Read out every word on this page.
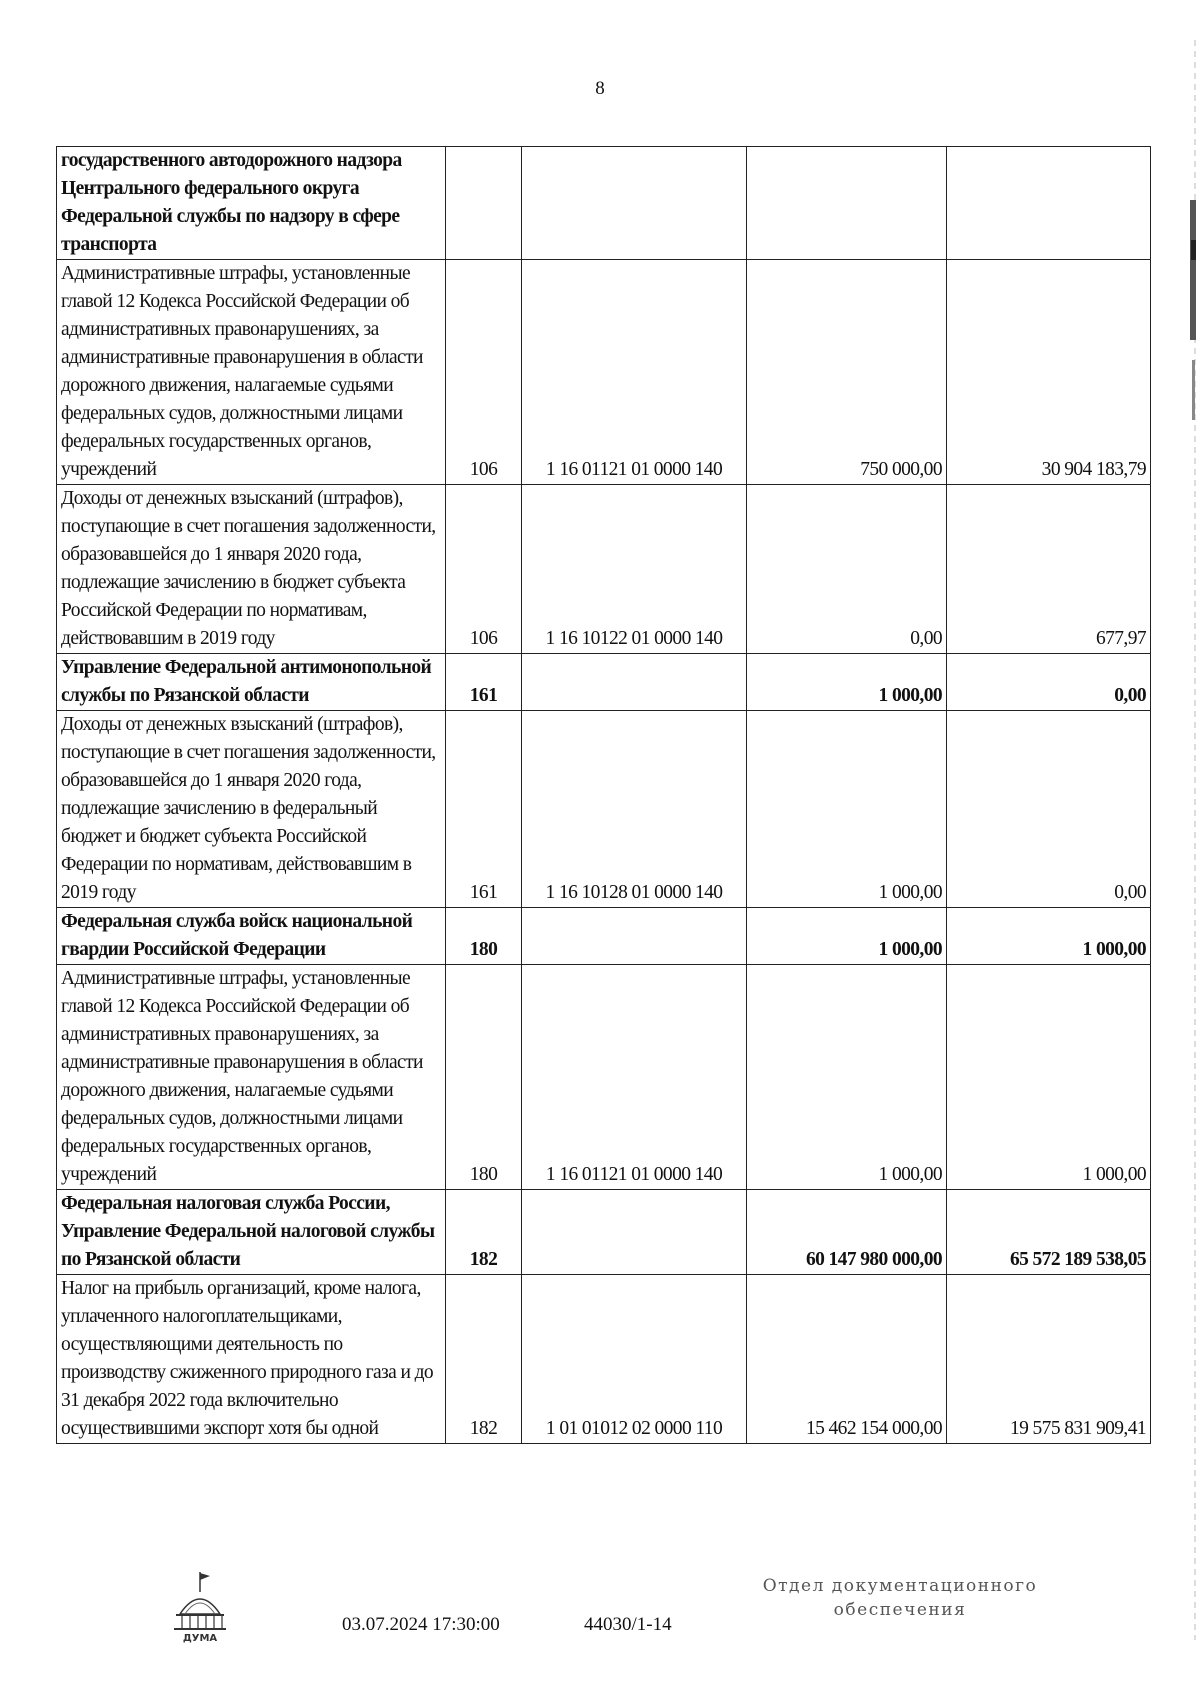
8
государственного автодорожного надзора Центрального федерального округа Федеральной службы по надзору в сфере транспорта				
Административные штрафы, установленные главой 12 Кодекса Российской Федерации об административных правонарушениях, за административные правонарушения в области дорожного движения, налагаемые судьями федеральных судов, должностными лицами федеральных государственных органов, учреждений	106	1 16 01121 01 0000 140	750 000,00	30 904 183,79
Доходы от денежных взысканий (штрафов), поступающие в счет погашения задолженности, образовавшейся до 1 января 2020 года, подлежащие зачислению в бюджет субъекта Российской Федерации по нормативам, действовавшим в 2019 году	106	1 16 10122 01 0000 140	0,00	677,97
Управление Федеральной антимонопольной службы по Рязанской области	161		1 000,00	0,00
Доходы от денежных взысканий (штрафов), поступающие в счет погашения задолженности, образовавшейся до 1 января 2020 года, подлежащие зачислению в федеральный бюджет и бюджет субъекта Российской Федерации по нормативам, действовавшим в 2019 году	161	1 16 10128 01 0000 140	1 000,00	0,00
Федеральная служба войск национальной гвардии Российской Федерации	180		1 000,00	1 000,00
Административные штрафы, установленные главой 12 Кодекса Российской Федерации об административных правонарушениях, за административные правонарушения в области дорожного движения, налагаемые судьями федеральных судов, должностными лицами федеральных государственных органов, учреждений	180	1 16 01121 01 0000 140	1 000,00	1 000,00
Федеральная налоговая служба России, Управление Федеральной налоговой службы по Рязанской области	182		60 147 980 000,00	65 572 189 538,05
Налог на прибыль организаций, кроме налога, уплаченного налогоплательщиками, осуществляющими деятельность по производству сжиженного природного газа и до 31 декабря 2022 года включительно осуществившими экспорт хотя бы одной	182	1 01 01012 02 0000 110	15 462 154 000,00	19 575 831 909,41
ДУМА
03.07.2024 17:30:00	44030/1-14
Отдел документационного
обеспечения
